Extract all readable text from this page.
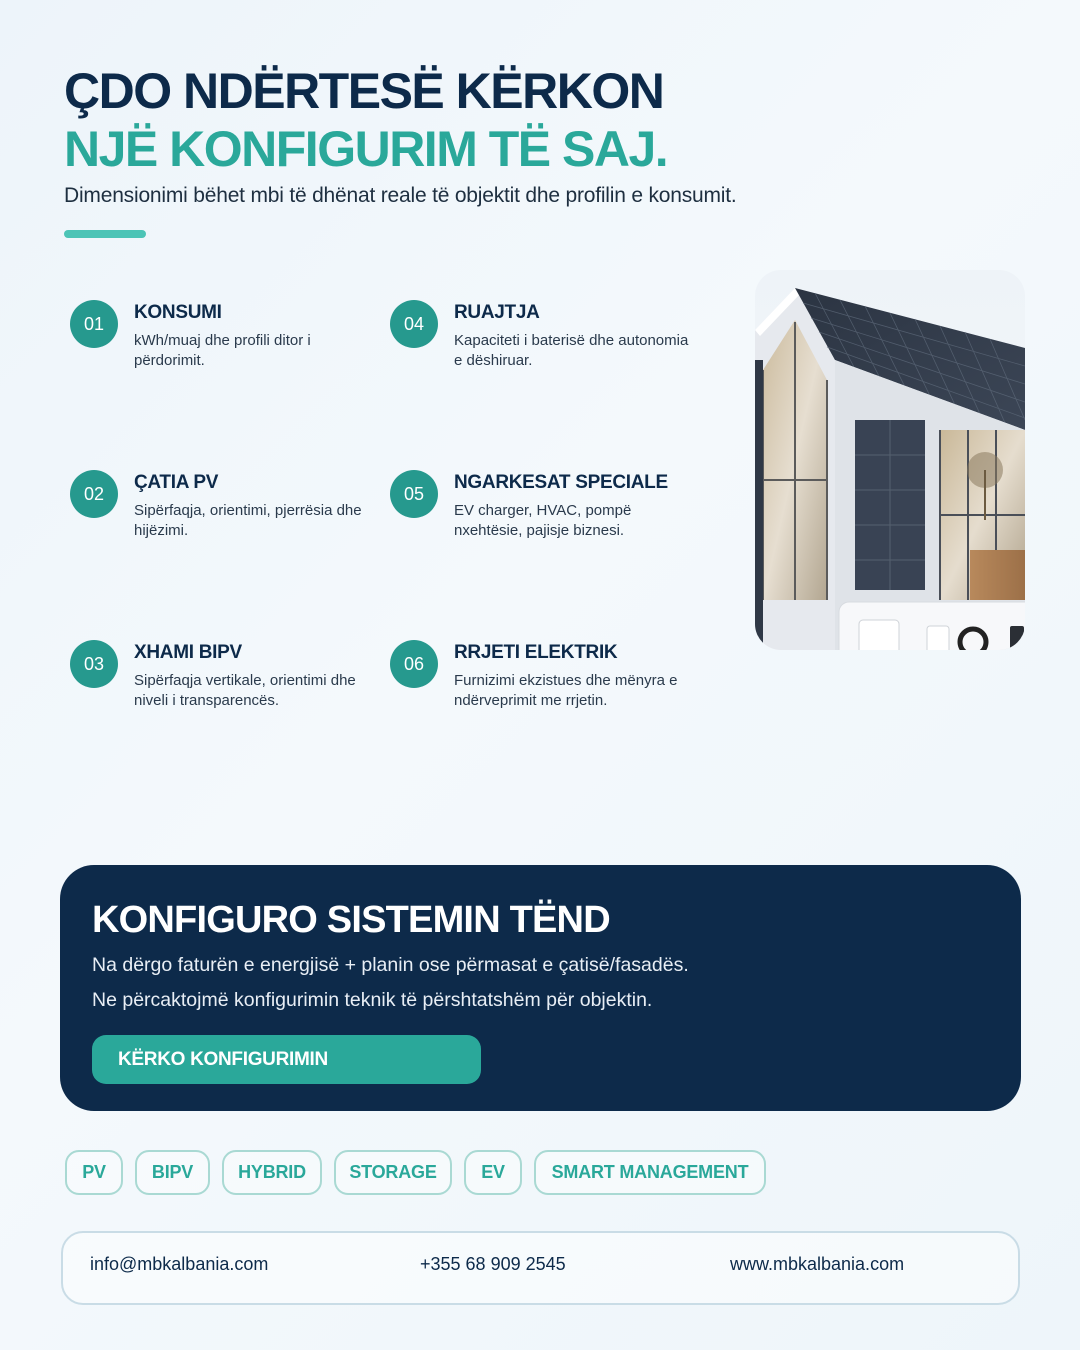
ÇDO NDËRTESË KËRKON
NJË KONFIGURIM TË SAJ.
Dimensionimi bëhet mbi të dhënat reale të objektit dhe profilin e konsumit.
01
KONSUMI
kWh/muaj dhe profili ditor i përdorimit.
02
ÇATIA PV
Sipërfaqja, orientimi, pjerrësia dhe hijëzimi.
03
XHAMI BIPV
Sipërfaqja vertikale, orientimi dhe niveli i transparencës.
04
RUAJTJA
Kapaciteti i baterisë dhe autonomia e dëshiruar.
05
NGARKESAT SPECIALE
EV charger, HVAC, pompë nxehtësie, pajisje biznesi.
06
RRJETI ELEKTRIK
Furnizimi ekzistues dhe mënyra e ndërveprimit me rrjetin.
KONFIGURO SISTEMIN TËND
Na dërgo faturën e energjisë + planin ose përmasat e çatisë/fasadës.
Ne përcaktojmë konfigurimin teknik të përshtatshëm për objektin.
KËRKO KONFIGURIMIN
PV	BIPV	HYBRID	STORAGE	EV	SMART MANAGEMENT
info@mbkalbania.com	+355 68 909 2545	www.mbkalbania.com
